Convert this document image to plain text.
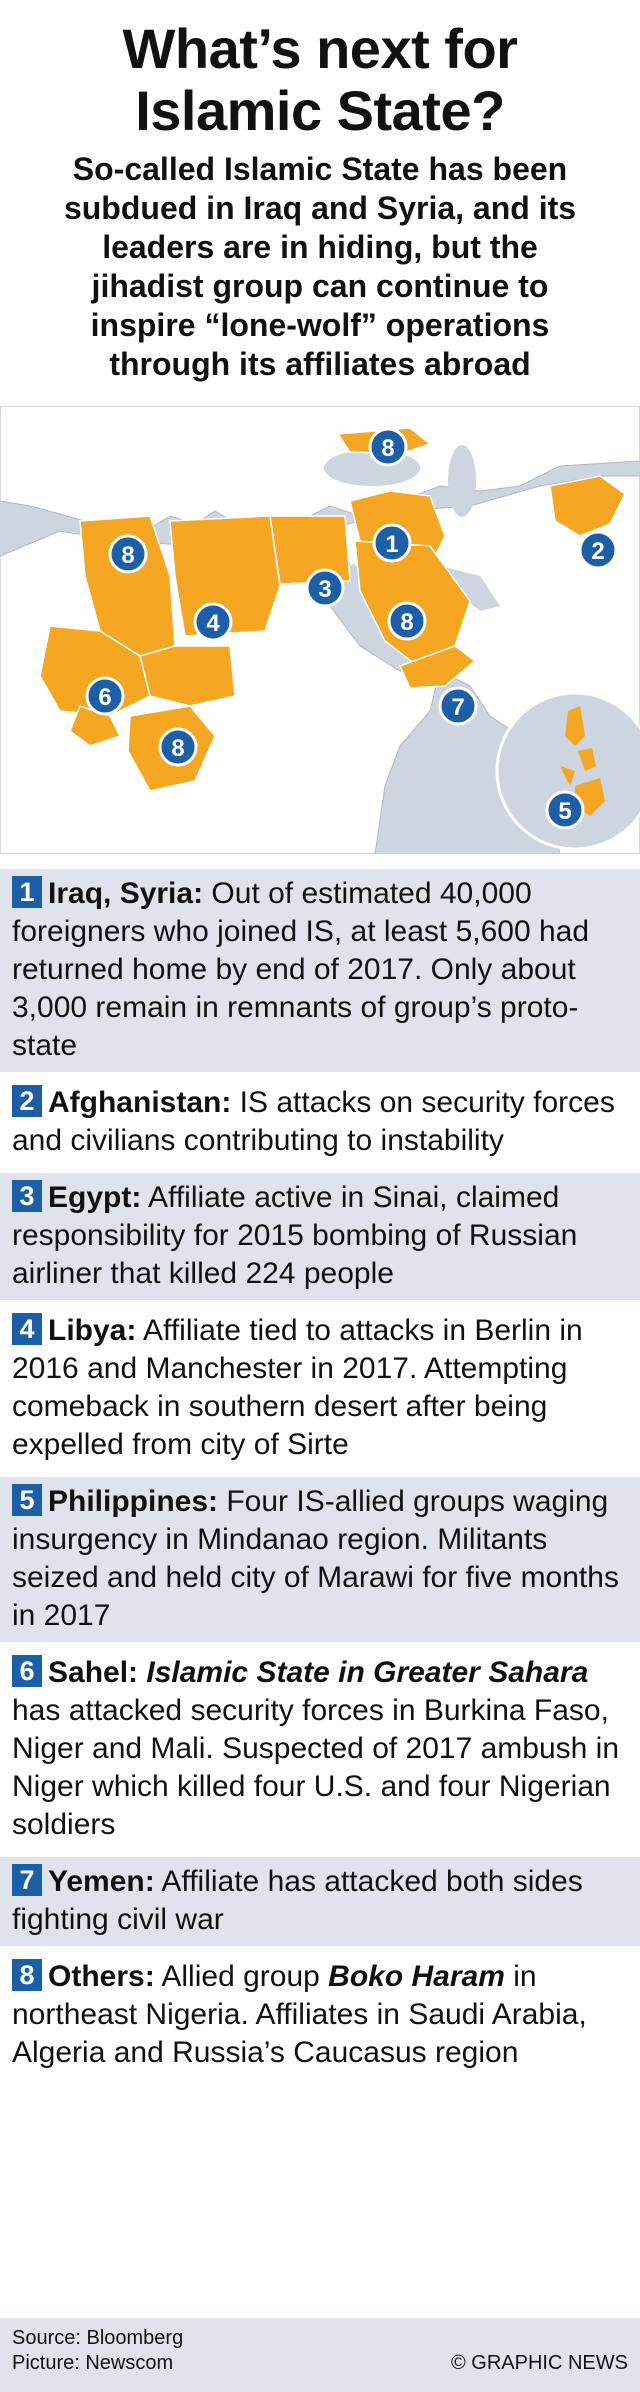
What’s next for
Islamic State?
So-called Islamic State has been
subdued in Iraq and Syria, and its
leaders are in hiding, but the
jihadist group can continue to
inspire “lone-wolf” operations
through its affiliates abroad
8
1	2
3
8
8
4
6
8
7
5
1 Iraq, Syria: Out of estimated 40,000 foreigners who joined IS, at least 5,600 had returned home by end of 2017. Only about 3,000 remain in remnants of group’s proto-state
2 Afghanistan: IS attacks on security forces and civilians contributing to instability
3 Egypt: Affiliate active in Sinai, claimed responsibility for 2015 bombing of Russian airliner that killed 224 people
4 Libya: Affiliate tied to attacks in Berlin in 2016 and Manchester in 2017. Attempting comeback in southern desert after being expelled from city of Sirte
5 Philippines: Four IS-allied groups waging insurgency in Mindanao region. Militants seized and held city of Marawi for five months in 2017
6 Sahel: Islamic State in Greater Sahara has attacked security forces in Burkina Faso, Niger and Mali. Suspected of 2017 ambush in Niger which killed four U.S. and four Nigerian soldiers
7 Yemen: Affiliate has attacked both sides fighting civil war
8 Others: Allied group Boko Haram in northeast Nigeria. Affiliates in Saudi Arabia, Algeria and Russia’s Caucasus region
Source: Bloomberg
Picture: Newscom	© GRAPHIC NEWS
